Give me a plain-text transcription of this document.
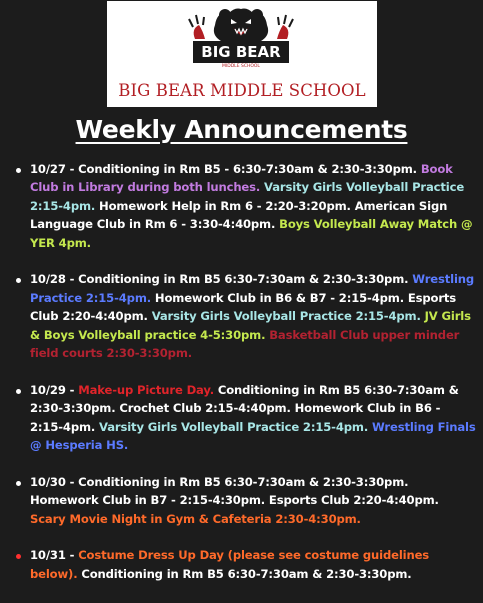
BIG BEAR
MIDDLE SCHOOL
BIG BEAR MIDDLE SCHOOL
Weekly Announcements
10/27 - Conditioning in Rm B5 - 6:30-7:30am & 2:30-3:30pm. Book Club in Library during both lunches. Varsity Girls Volleyball Practice 2:15-4pm. Homework Help in Rm 6 - 2:20-3:20pm. American Sign Language Club in Rm 6 - 3:30-4:40pm. Boys Volleyball Away Match @ YER 4pm.
10/28 - Conditioning in Rm B5 6:30-7:30am & 2:30-3:30pm. Wrestling Practice 2:15-4pm. Homework Club in B6 & B7 - 2:15-4pm. Esports Club 2:20-4:40pm. Varsity Girls Volleyball Practice 2:15-4pm. JV Girls & Boys Volleyball practice 4-5:30pm. Basketball Club upper minder field courts 2:30-3:30pm.
10/29 - Make-up Picture Day. Conditioning in Rm B5 6:30-7:30am & 2:30-3:30pm. Crochet Club 2:15-4:40pm. Homework Club in B6 - 2:15-4pm. Varsity Girls Volleyball Practice 2:15-4pm. Wrestling Finals @ Hesperia HS.
10/30 - Conditioning in Rm B5 6:30-7:30am & 2:30-3:30pm. Homework Club in B7 - 2:15-4:30pm. Esports Club 2:20-4:40pm. Scary Movie Night in Gym & Cafeteria 2:30-4:30pm.
10/31 - Costume Dress Up Day (please see costume guidelines below). Conditioning in Rm B5 6:30-7:30am & 2:30-3:30pm.
